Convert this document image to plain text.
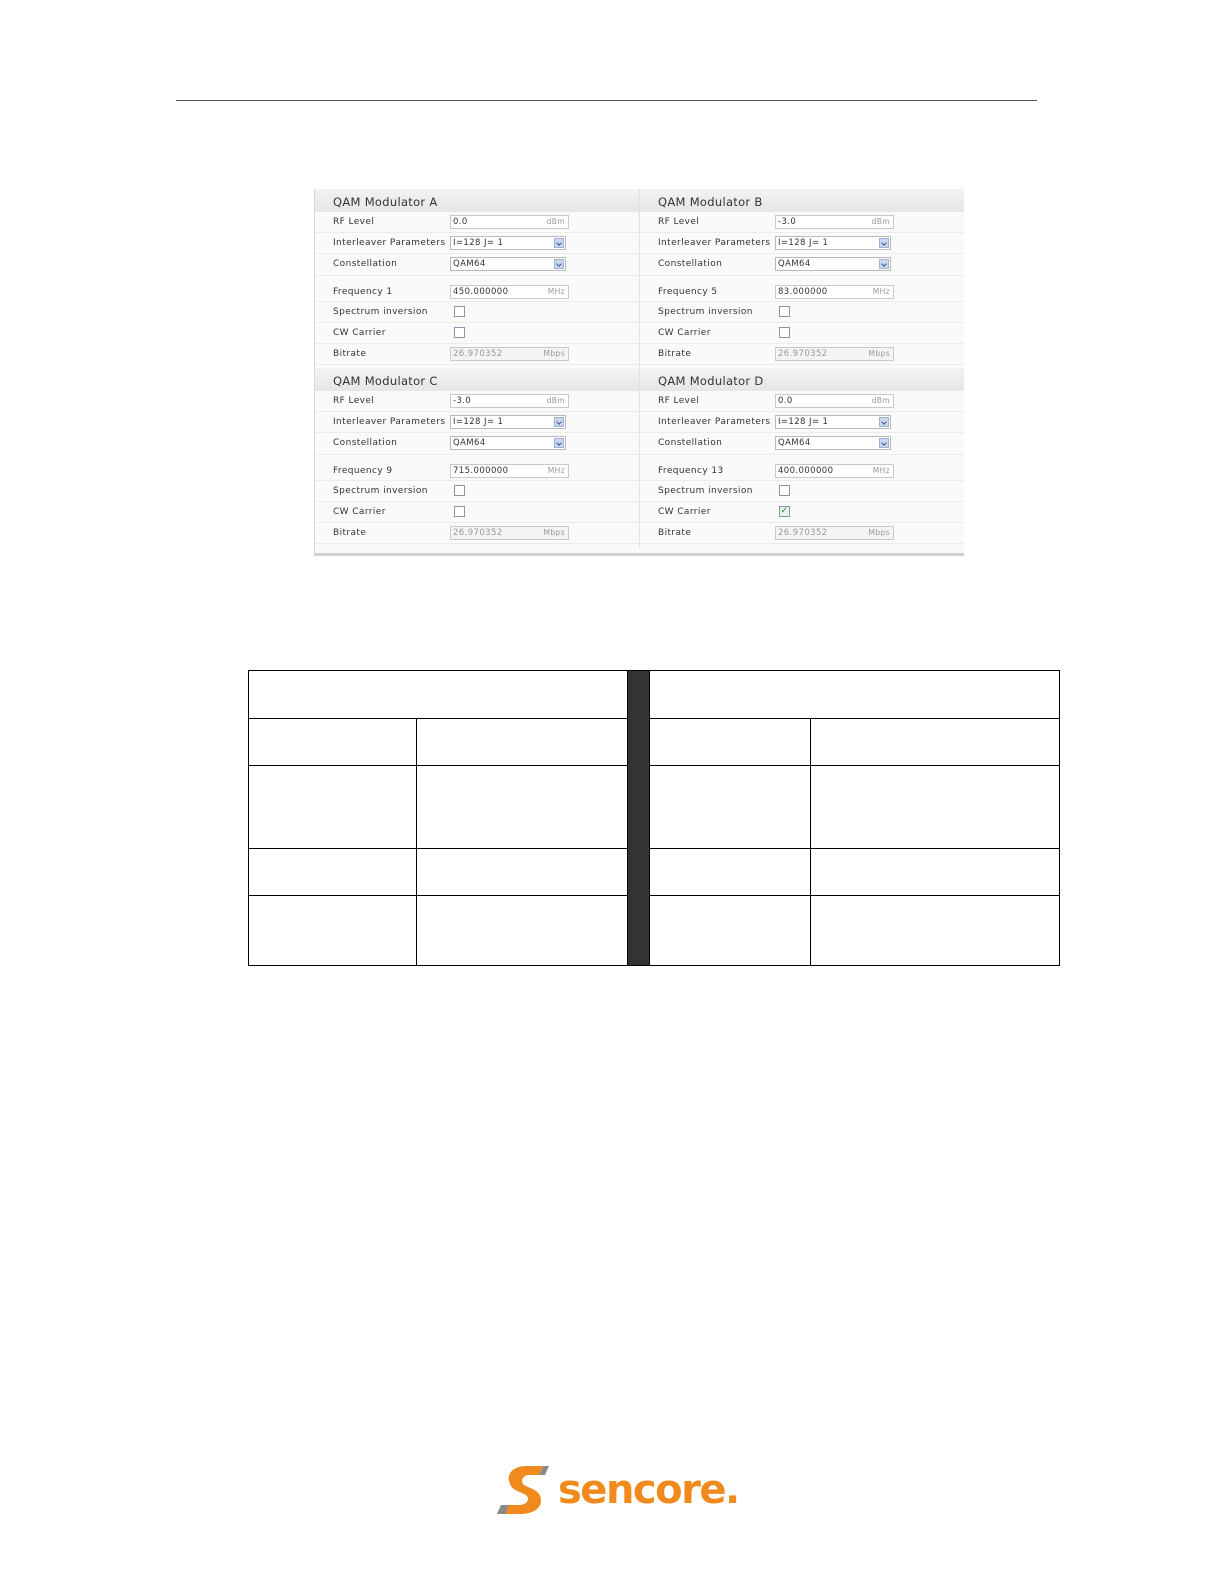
QAM Modulator A
RF Level	0.0	dBm
Interleaver Parameters I=128 J= 1
Constellation	QAM64
Frequency 1	450.000000	MHz
Spectrum inversion
CW Carrier
Bitrate	26.970352	Mbps
QAM Modulator B
RF Level	-3.0	dBm
Interleaver Parameters I=128 J= 1
Constellation	QAM64
Frequency 5	83.000000	MHz
Spectrum inversion
CW Carrier
Bitrate	26.970352	Mbps
QAM Modulator C
RF Level	-3.0	dBm
Interleaver Parameters I=128 J= 1
Constellation	QAM64
Frequency 9	715.000000	MHz
Spectrum inversion
CW Carrier
Bitrate	26.970352	Mbps
QAM Modulator D
RF Level	0.0	dBm
Interleaver Parameters I=128 J= 1
Constellation	QAM64
Frequency 13	400.000000	MHz
Spectrum inversion
CW Carrier	✓
Bitrate	26.970352	Mbps

sencore.
